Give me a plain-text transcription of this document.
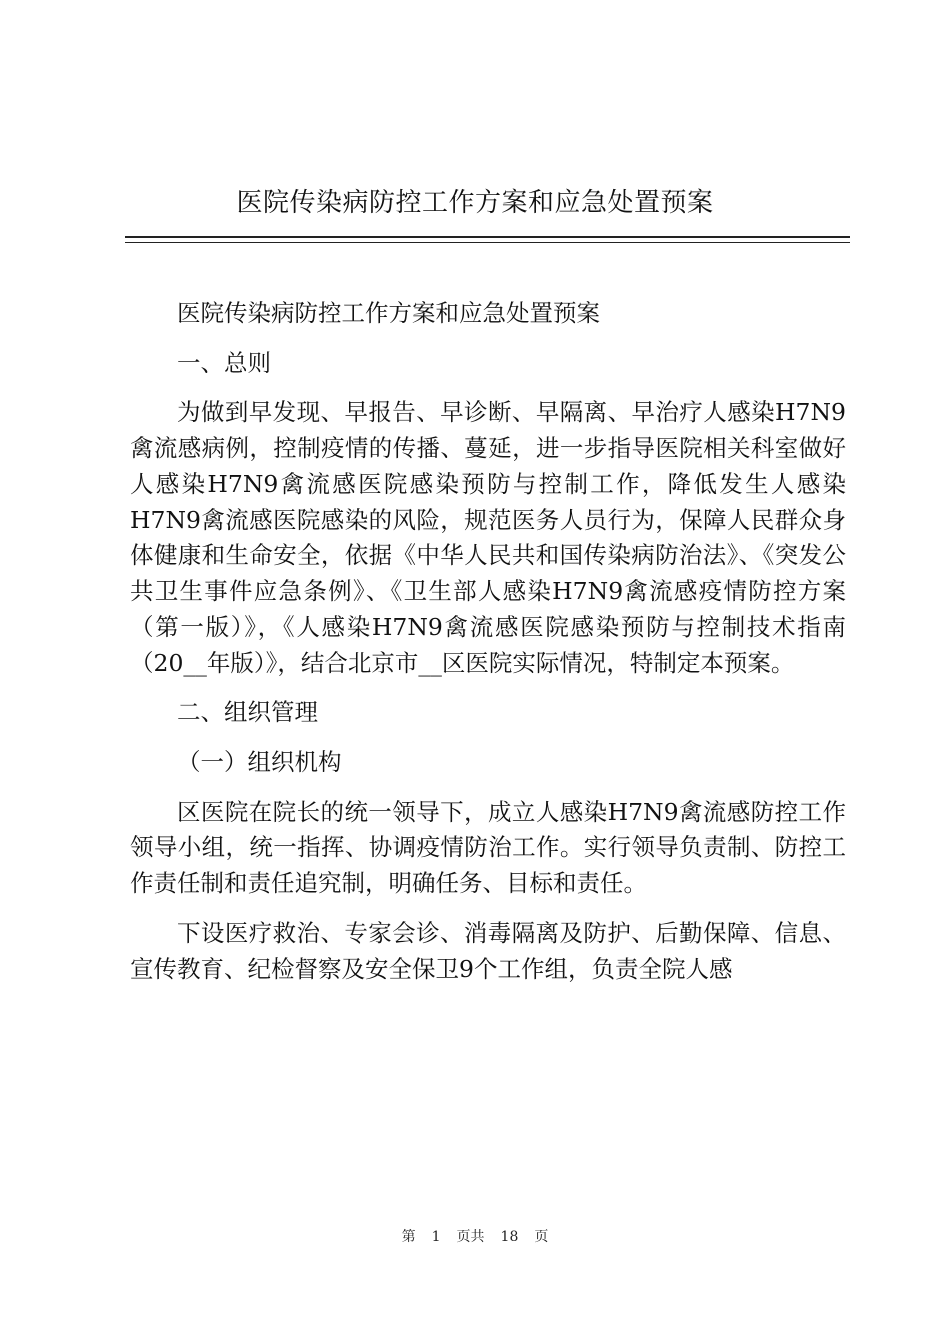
医院传染病防控工作方案和应急处置预案

医院传染病防控工作方案和应急处置预案

一、总则

为做到早发现、早报告、早诊断、早隔离、早治疗人感染H7N9禽流感病例，控制疫情的传播、蔓延，进一步指导医院相关科室做好人感染H7N9禽流感医院感染预防与控制工作，降低发生人感染H7N9禽流感医院感染的风险，规范医务人员行为，保障人民群众身体健康和生命安全，依据《中华人民共和国传染病防治法》、《突发公共卫生事件应急条例》、《卫生部人感染H7N9禽流感疫情防控方案（第一版）》，《人感染H7N9禽流感医院感染预防与控制技术指南（20__年版）》，结合北京市__区医院实际情况，特制定本预案。

二、组织管理

（一）组织机构

区医院在院长的统一领导下，成立人感染H7N9禽流感防控工作领导小组，统一指挥、协调疫情防治工作。实行领导负责制、防控工作责任制和责任追究制，明确任务、目标和责任。

下设医疗救治、专家会诊、消毒隔离及防护、后勤保障、信息、宣传教育、纪检督察及安全保卫9个工作组，负责全院人感

第 1 页共 18 页
